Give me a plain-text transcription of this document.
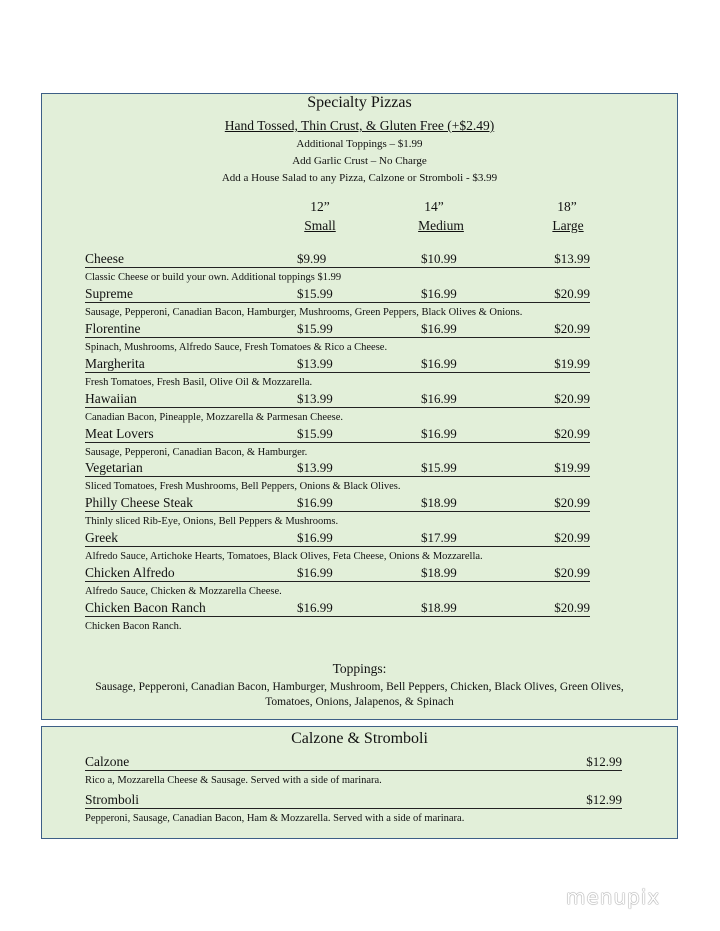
Specialty Pizzas
Hand Tossed, Thin Crust, & Gluten Free (+$2.49)
Additional Toppings – $1.99
Add Garlic Crust – No Charge
Add a House Salad to any Pizza, Calzone or Stromboli - $3.99
12”	14”	18”
Small	Medium	Large
Cheese	$9.99	$10.99	$13.99
Classic Cheese or build your own. Additional toppings $1.99
Supreme	$15.99	$16.99	$20.99
Sausage, Pepperoni, Canadian Bacon, Hamburger, Mushrooms, Green Peppers, Black Olives & Onions.
Florentine	$15.99	$16.99	$20.99
Spinach, Mushrooms, Alfredo Sauce, Fresh Tomatoes & Rico a Cheese.
Margherita	$13.99	$16.99	$19.99
Fresh Tomatoes, Fresh Basil, Olive Oil & Mozzarella.
Hawaiian	$13.99	$16.99	$20.99
Canadian Bacon, Pineapple, Mozzarella & Parmesan Cheese.
Meat Lovers	$15.99	$16.99	$20.99
Sausage, Pepperoni, Canadian Bacon, & Hamburger.
Vegetarian	$13.99	$15.99	$19.99
Sliced Tomatoes, Fresh Mushrooms, Bell Peppers, Onions & Black Olives.
Philly Cheese Steak	$16.99	$18.99	$20.99
Thinly sliced Rib-Eye, Onions, Bell Peppers & Mushrooms.
Greek	$16.99	$17.99	$20.99
Alfredo Sauce, Artichoke Hearts, Tomatoes, Black Olives, Feta Cheese, Onions & Mozzarella.
Chicken Alfredo	$16.99	$18.99	$20.99
Alfredo Sauce, Chicken & Mozzarella Cheese.
Chicken Bacon Ranch	$16.99	$18.99	$20.99
Chicken Bacon Ranch.
Toppings:
Sausage, Pepperoni, Canadian Bacon, Hamburger, Mushroom, Bell Peppers, Chicken, Black Olives, Green Olives, Tomatoes, Onions, Jalapenos, & Spinach
Calzone & Stromboli
Calzone	$12.99
Rico a, Mozzarella Cheese & Sausage. Served with a side of marinara.
Stromboli	$12.99
Pepperoni, Sausage, Canadian Bacon, Ham & Mozzarella. Served with a side of marinara.
menupix
